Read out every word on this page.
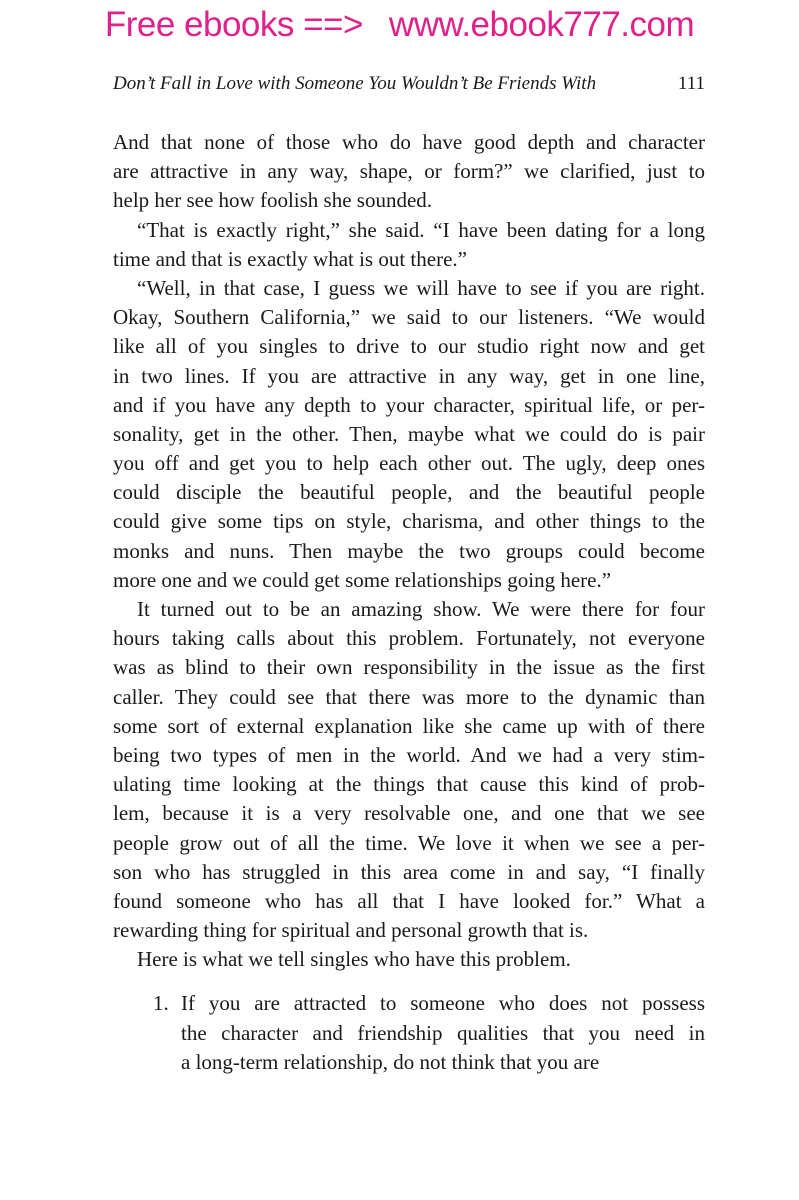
Free ebooks ==> www.ebook777.com
Don’t Fall in Love with Someone You Wouldn’t Be Friends With	111
And that none of those who do have good depth and character
are attractive in any way, shape, or form?” we clarified, just to
help her see how foolish she sounded.
“That is exactly right,” she said. “I have been dating for a long
time and that is exactly what is out there.”
“Well, in that case, I guess we will have to see if you are right.
Okay, Southern California,” we said to our listeners. “We would
like all of you singles to drive to our studio right now and get
in two lines. If you are attractive in any way, get in one line,
and if you have any depth to your character, spiritual life, or per-
sonality, get in the other. Then, maybe what we could do is pair
you off and get you to help each other out. The ugly, deep ones
could disciple the beautiful people, and the beautiful people
could give some tips on style, charisma, and other things to the
monks and nuns. Then maybe the two groups could become
more one and we could get some relationships going here.”
It turned out to be an amazing show. We were there for four
hours taking calls about this problem. Fortunately, not everyone
was as blind to their own responsibility in the issue as the first
caller. They could see that there was more to the dynamic than
some sort of external explanation like she came up with of there
being two types of men in the world. And we had a very stim-
ulating time looking at the things that cause this kind of prob-
lem, because it is a very resolvable one, and one that we see
people grow out of all the time. We love it when we see a per-
son who has struggled in this area come in and say, “I finally
found someone who has all that I have looked for.” What a
rewarding thing for spiritual and personal growth that is.
Here is what we tell singles who have this problem.
1. If you are attracted to someone who does not possess
the character and friendship qualities that you need in
a long-term relationship, do not think that you are
